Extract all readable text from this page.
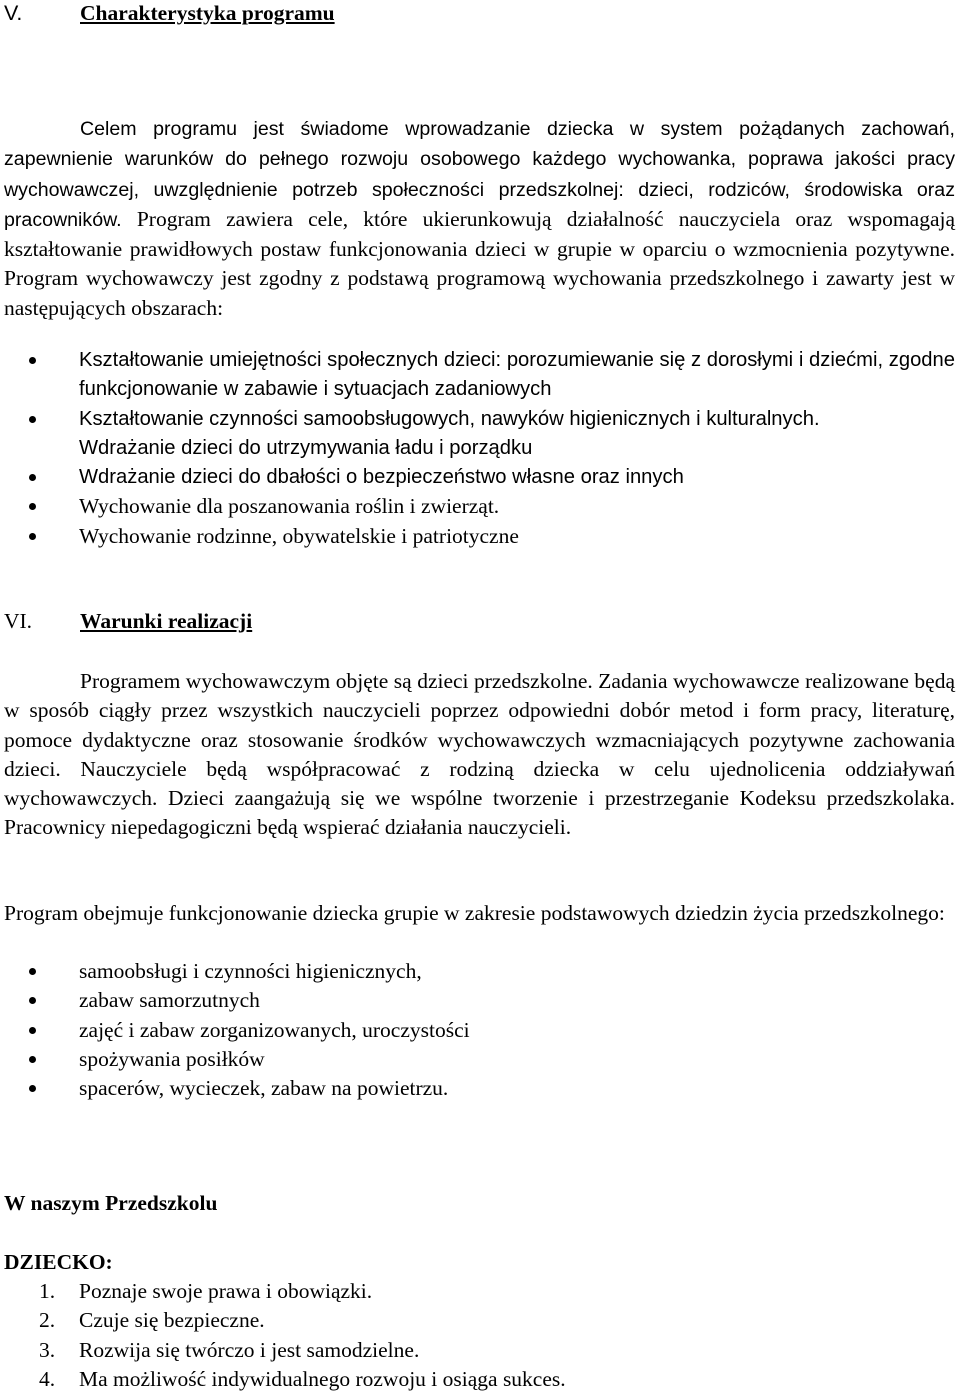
V.	Charakterystyka programu

Celem programu jest świadome wprowadzanie dziecka w system pożądanych zachowań, zapewnienie warunków do pełnego rozwoju osobowego każdego wychowanka, poprawa jakości pracy wychowawczej, uwzględnienie potrzeb społeczności przedszkolnej: dzieci, rodziców, środowiska oraz pracowników. Program zawiera cele, które ukierunkowują działalność nauczyciela oraz wspomagają kształtowanie prawidłowych postaw funkcjonowania dzieci w grupie w oparciu o wzmocnienia pozytywne. Program wychowawczy jest zgodny z podstawą programową wychowania przedszkolnego i zawarty jest w następujących obszarach:

Kształtowanie umiejętności społecznych dzieci: porozumiewanie się z dorosłymi i dziećmi, zgodne funkcjonowanie w zabawie i sytuacjach zadaniowych
Kształtowanie czynności samoobsługowych, nawyków higienicznych i kulturalnych.
Wdrażanie dzieci do utrzymywania ładu i porządku
Wdrażanie dzieci do dbałości o bezpieczeństwo własne oraz innych
Wychowanie dla poszanowania roślin i zwierząt.
Wychowanie rodzinne, obywatelskie i patriotyczne
VI. Warunki realizacji

Programem wychowawczym objęte są dzieci przedszkolne. Zadania wychowawcze realizowane będą w sposób ciągły przez wszystkich nauczycieli poprzez odpowiedni dobór metod i form pracy, literaturę, pomoce dydaktyczne oraz stosowanie środków wychowawczych wzmacniających pozytywne zachowania dzieci. Nauczyciele będą współpracować z rodziną dziecka w celu ujednolicenia oddziaływań wychowawczych. Dzieci zaangażują się we wspólne tworzenie i przestrzeganie Kodeksu przedszkolaka. Pracownicy niepedagogiczni będą wspierać działania nauczycieli.

Program obejmuje funkcjonowanie dziecka grupie w zakresie podstawowych dziedzin życia przedszkolnego:

samoobsługi i czynności higienicznych,
zabaw samorzutnych
zajęć i zabaw zorganizowanych, uroczystości
spożywania posiłków
spacerów, wycieczek, zabaw na powietrzu.
W naszym Przedszkolu
DZIECKO:
1. Poznaje swoje prawa i obowiązki.
2. Czuje się bezpieczne.
3. Rozwija się twórczo i jest samodzielne.
4. Ma możliwość indywidualnego rozwoju i osiąga sukces.
